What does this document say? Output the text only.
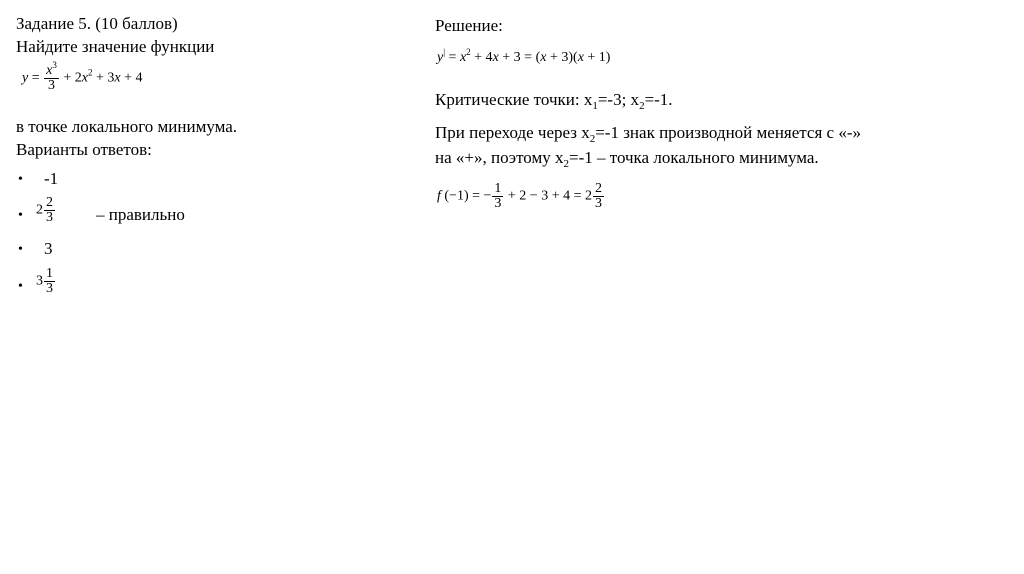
Задание 5. (10 баллов)
Найдите значение функции
$y = \frac{x^3}{3} + 2x^2 + 3x + 4$
в точке локального минимума.
Варианты ответов:
• -1
• $2 \frac{2}{3}$ – правильно
• 3
• $3 \frac{1}{3}$
Решение:
$y^| = x^2 + 4x + 3 = (x + 3)(x + 1)$
Критические точки: $x_1=-3$; $x_2=-1$.
При переходе через $x_2=-1$ знак производной меняется с «-»
на «+», поэтому $x_2=-1$ – точка локального минимума.
f (−1) = − $\frac{1}{3} + 2 - 3 + 4 = 2 \frac{2}{3}$
